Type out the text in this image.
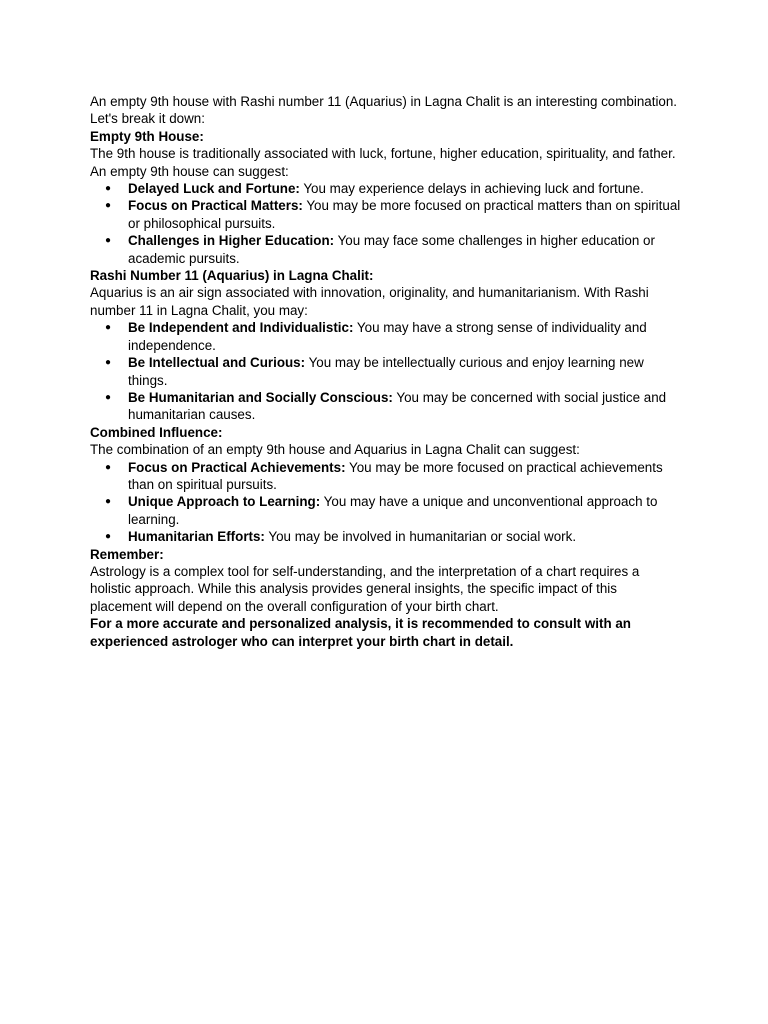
An empty 9th house with Rashi number 11 (Aquarius) in Lagna Chalit is an interesting combination. Let's break it down:

Empty 9th House:

The 9th house is traditionally associated with luck, fortune, higher education, spirituality, and father. An empty 9th house can suggest:

● Delayed Luck and Fortune: You may experience delays in achieving luck and fortune.
● Focus on Practical Matters: You may be more focused on practical matters than on spiritual or philosophical pursuits.
● Challenges in Higher Education: You may face some challenges in higher education or academic pursuits.

Rashi Number 11 (Aquarius) in Lagna Chalit:

Aquarius is an air sign associated with innovation, originality, and humanitarianism. With Rashi number 11 in Lagna Chalit, you may:

● Be Independent and Individualistic: You may have a strong sense of individuality and independence.
● Be Intellectual and Curious: You may be intellectually curious and enjoy learning new things.
● Be Humanitarian and Socially Conscious: You may be concerned with social justice and humanitarian causes.

Combined Influence:

The combination of an empty 9th house and Aquarius in Lagna Chalit can suggest:

● Focus on Practical Achievements: You may be more focused on practical achievements than on spiritual pursuits.
● Unique Approach to Learning: You may have a unique and unconventional approach to learning.
● Humanitarian Efforts: You may be involved in humanitarian or social work.

Remember:

Astrology is a complex tool for self-understanding, and the interpretation of a chart requires a holistic approach. While this analysis provides general insights, the specific impact of this placement will depend on the overall configuration of your birth chart.

For a more accurate and personalized analysis, it is recommended to consult with an experienced astrologer who can interpret your birth chart in detail.
